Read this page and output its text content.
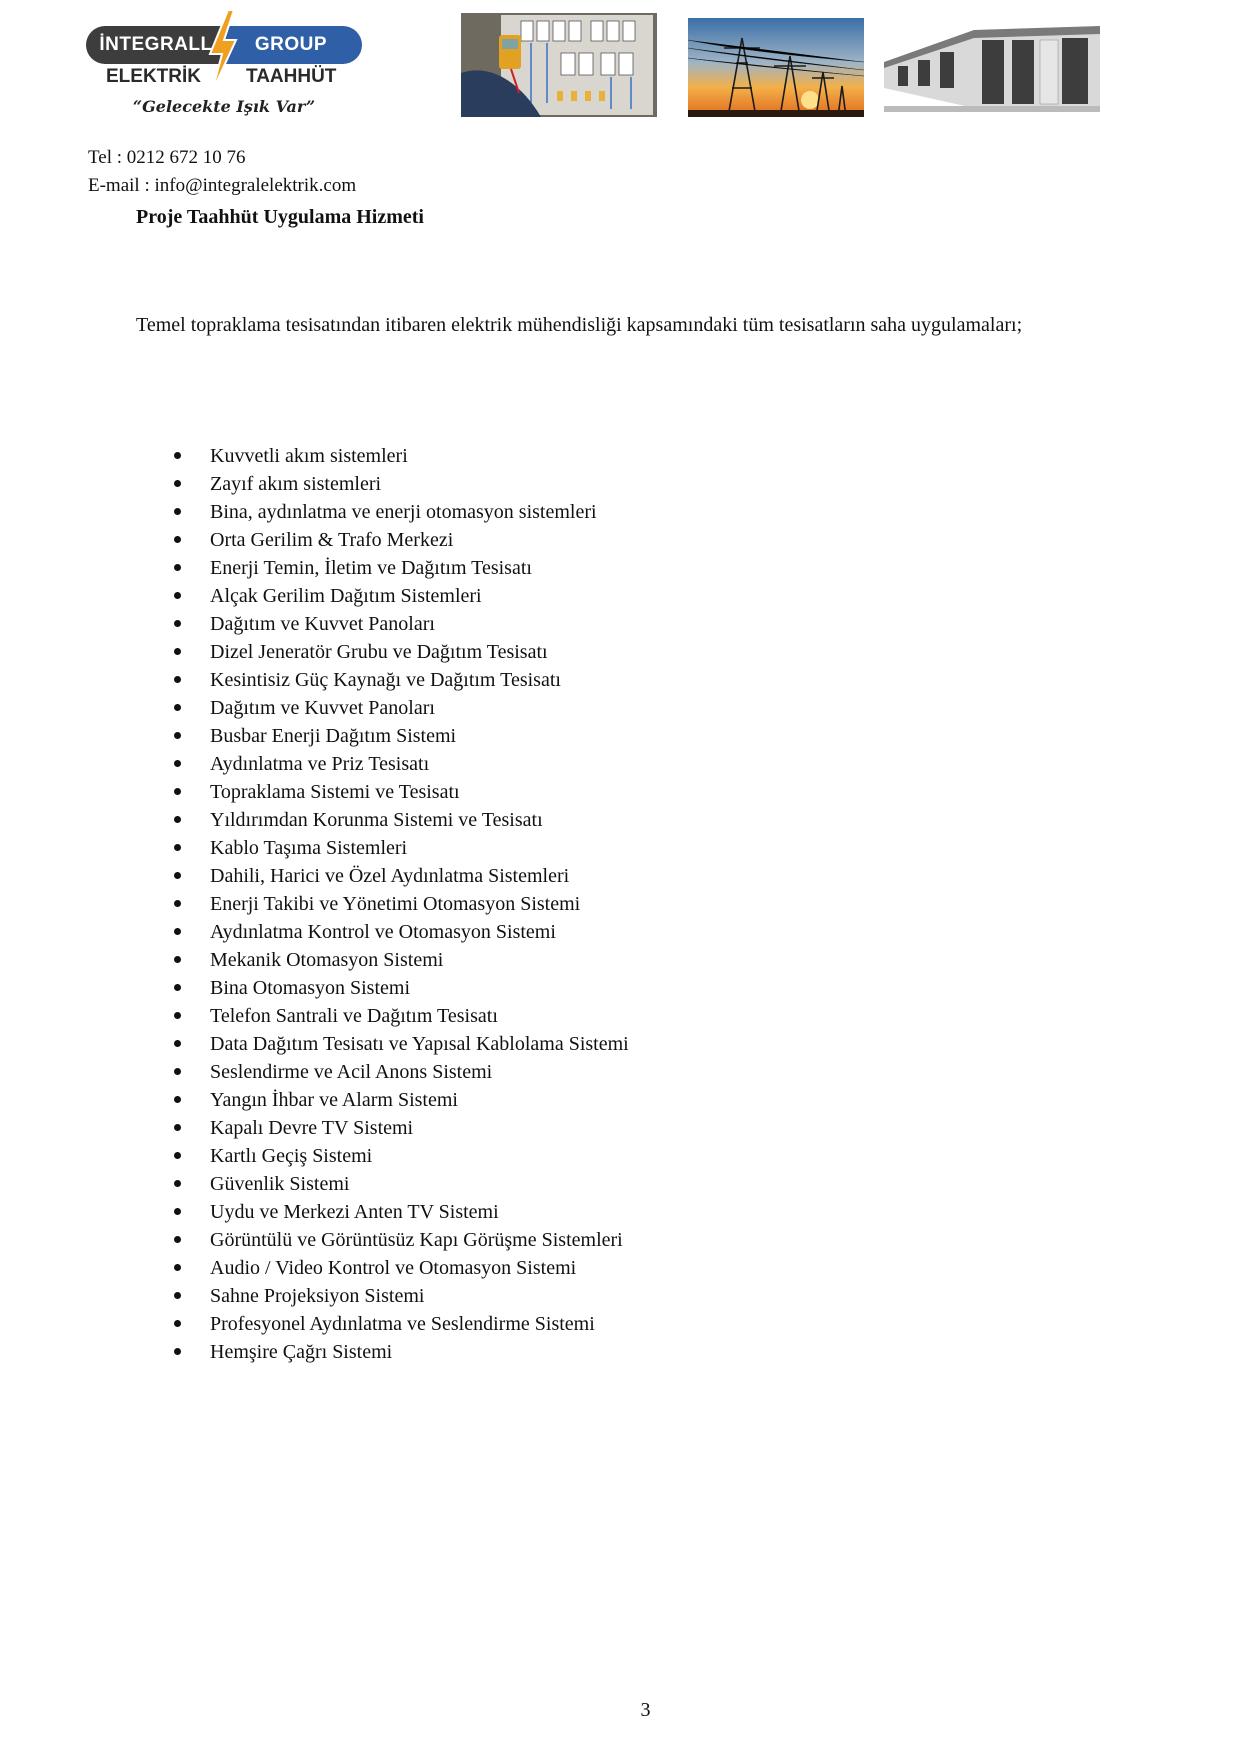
İNTEGRALL	GROUP
ELEKTRİK TAAHHÜT
“Gelecekte Işık Var”
Tel : 0212 672 10 76
E-mail : info@integralelektrik.com
Proje Taahhüt Uygulama Hizmeti
Temel topraklama tesisatından itibaren elektrik mühendisliği kapsamındaki tüm tesisatların saha uygulamaları;
Kuvvetli akım sistemleri
Zayıf akım sistemleri
Bina, aydınlatma ve enerji otomasyon sistemleri
Orta Gerilim & Trafo Merkezi
Enerji Temin, İletim ve Dağıtım Tesisatı
Alçak Gerilim Dağıtım Sistemleri
Dağıtım ve Kuvvet Panoları
Dizel Jeneratör Grubu ve Dağıtım Tesisatı
Kesintisiz Güç Kaynağı ve Dağıtım Tesisatı
Dağıtım ve Kuvvet Panoları
Busbar Enerji Dağıtım Sistemi
Aydınlatma ve Priz Tesisatı
Topraklama Sistemi ve Tesisatı
Yıldırımdan Korunma Sistemi ve Tesisatı
Kablo Taşıma Sistemleri
Dahili, Harici ve Özel Aydınlatma Sistemleri
Enerji Takibi ve Yönetimi Otomasyon Sistemi
Aydınlatma Kontrol ve Otomasyon Sistemi
Mekanik Otomasyon Sistemi
Bina Otomasyon Sistemi
Telefon Santrali ve Dağıtım Tesisatı
Data Dağıtım Tesisatı ve Yapısal Kablolama Sistemi
Seslendirme ve Acil Anons Sistemi
Yangın İhbar ve Alarm Sistemi
Kapalı Devre TV Sistemi
Kartlı Geçiş Sistemi
Güvenlik Sistemi
Uydu ve Merkezi Anten TV Sistemi
Görüntülü ve Görüntüsüz Kapı Görüşme Sistemleri
Audio / Video Kontrol ve Otomasyon Sistemi
Sahne Projeksiyon Sistemi
Profesyonel Aydınlatma ve Seslendirme Sistemi
Hemşire Çağrı Sistemi
3
